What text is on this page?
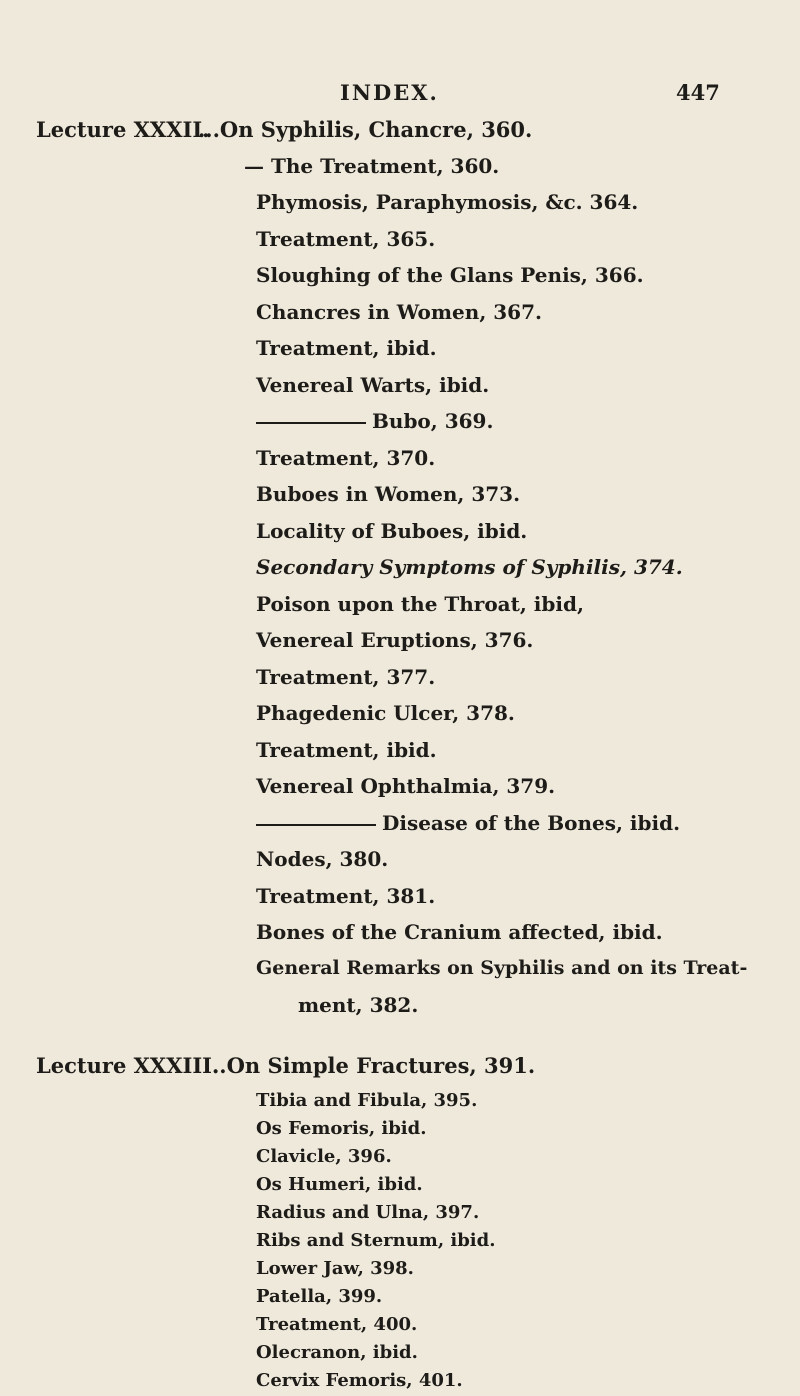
INDEX.	447
Lecture XXXII.
...On Syphilis, Chancre, 360.
— The Treatment, 360.
Phymosis, Paraphymosis, &c. 364.
Treatment, 365.
Sloughing of the Glans Penis, 366.
Chancres in Women, 367.
Treatment, ibid.
Venereal Warts, ibid.
Bubo, 369.
Treatment, 370.
Buboes in Women, 373.
Locality of Buboes, ibid.
Secondary Symptoms of Syphilis, 374.
Poison upon the Throat, ibid,
Venereal Eruptions, 376.
Treatment, 377.
Phagedenic Ulcer, 378.
Treatment, ibid.
Venereal Ophthalmia, 379.
Disease of the Bones, ibid.
Nodes, 380.
Treatment, 381.
Bones of the Cranium affected, ibid.
General Remarks on Syphilis and on its Treat-
ment, 382.
Lecture XXXIII.
..On Simple Fractures, 391.
Tibia and Fibula, 395.
Os Femoris, ibid.
Clavicle, 396.
Os Humeri, ibid.
Radius and Ulna, 397.
Ribs and Sternum, ibid.
Lower Jaw, 398.
Patella, 399.
Treatment, 400.
Olecranon, ibid.
Cervix Femoris, 401.
